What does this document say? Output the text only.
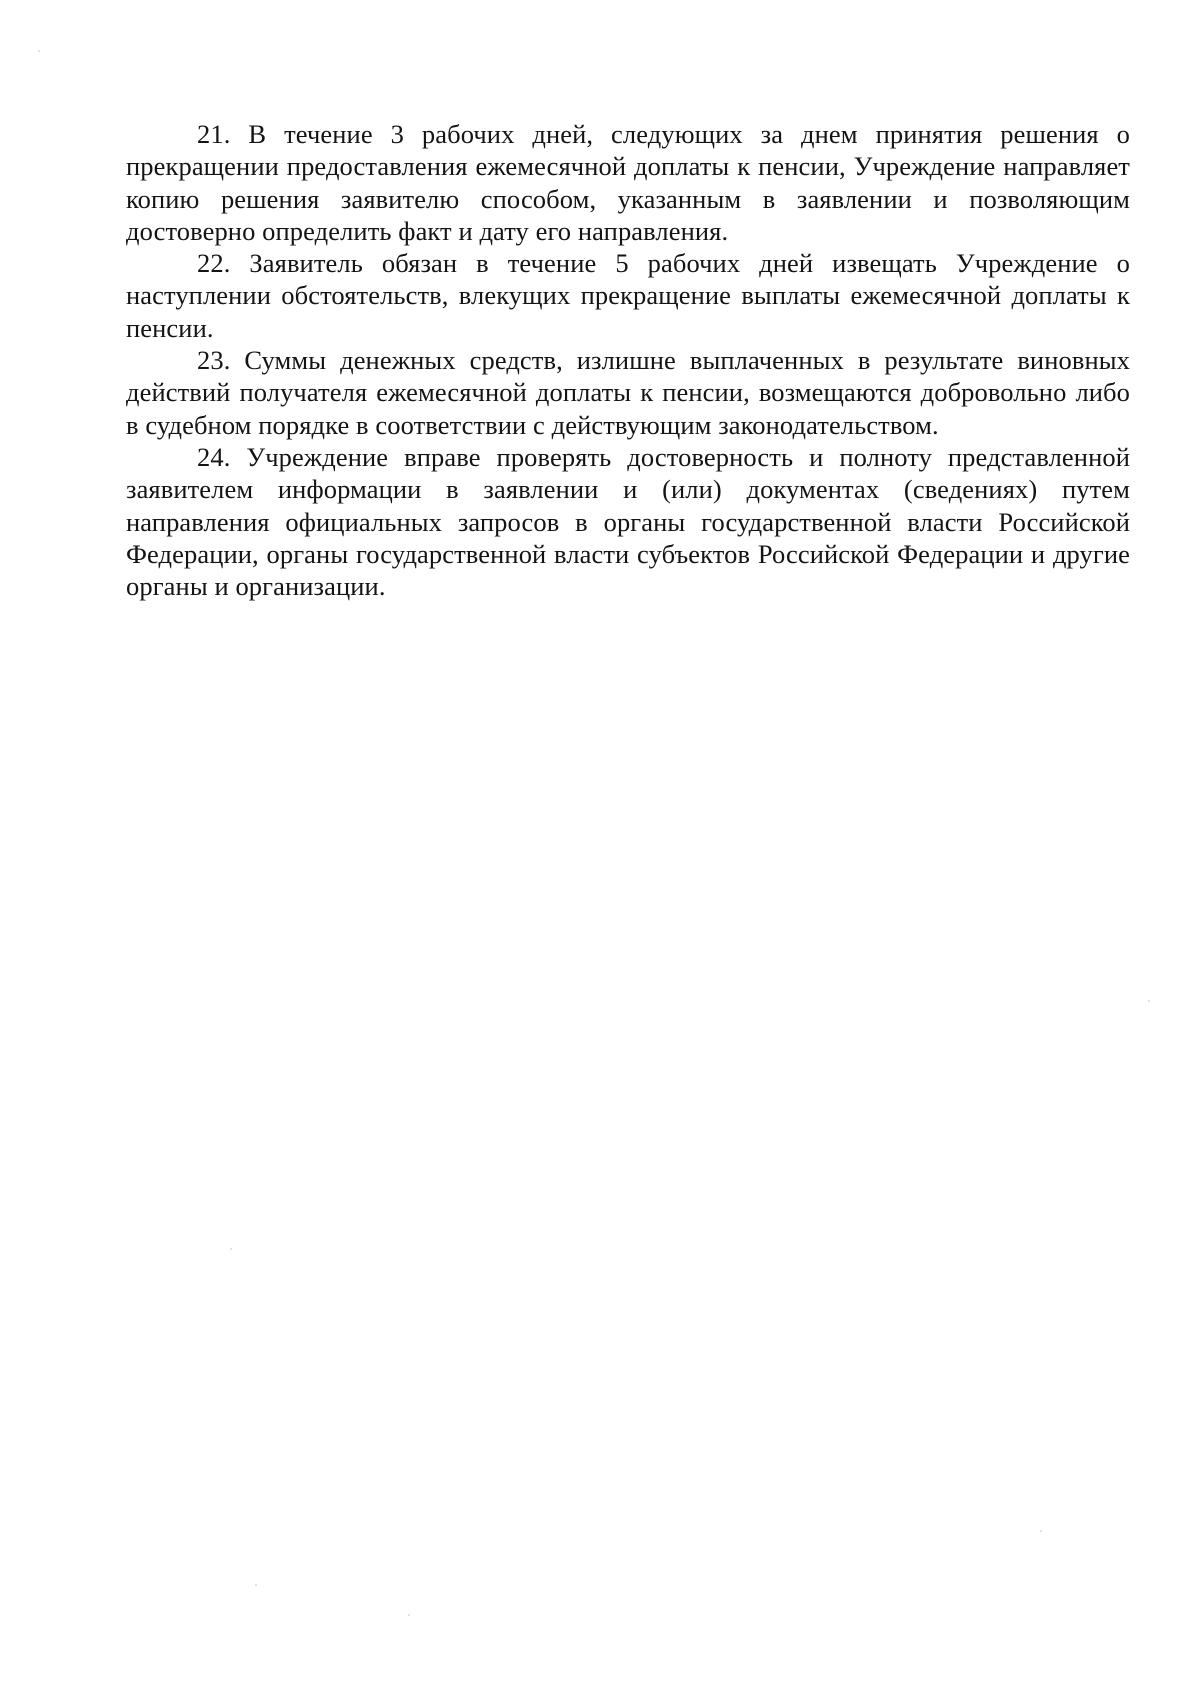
21. В течение 3 рабочих дней, следующих за днем принятия решения о прекращении предоставления ежемесячной доплаты к пенсии, Учреждение направляет копию решения заявителю способом, указанным в заявлении и позволяющим достоверно определить факт и дату его направления.

22. Заявитель обязан в течение 5 рабочих дней извещать Учреждение о наступлении обстоятельств, влекущих прекращение выплаты ежемесячной доплаты к пенсии.

23. Суммы денежных средств, излишне выплаченных в результате виновных действий получателя ежемесячной доплаты к пенсии, возмещаются добровольно либо в судебном порядке в соответствии с действующим законодательством.

24. Учреждение вправе проверять достоверность и полноту представленной заявителем информации в заявлении и (или) документах (сведениях) путем направления официальных запросов в органы государственной власти Российской Федерации, органы государственной власти субъектов Российской Федерации и другие органы и организации.
